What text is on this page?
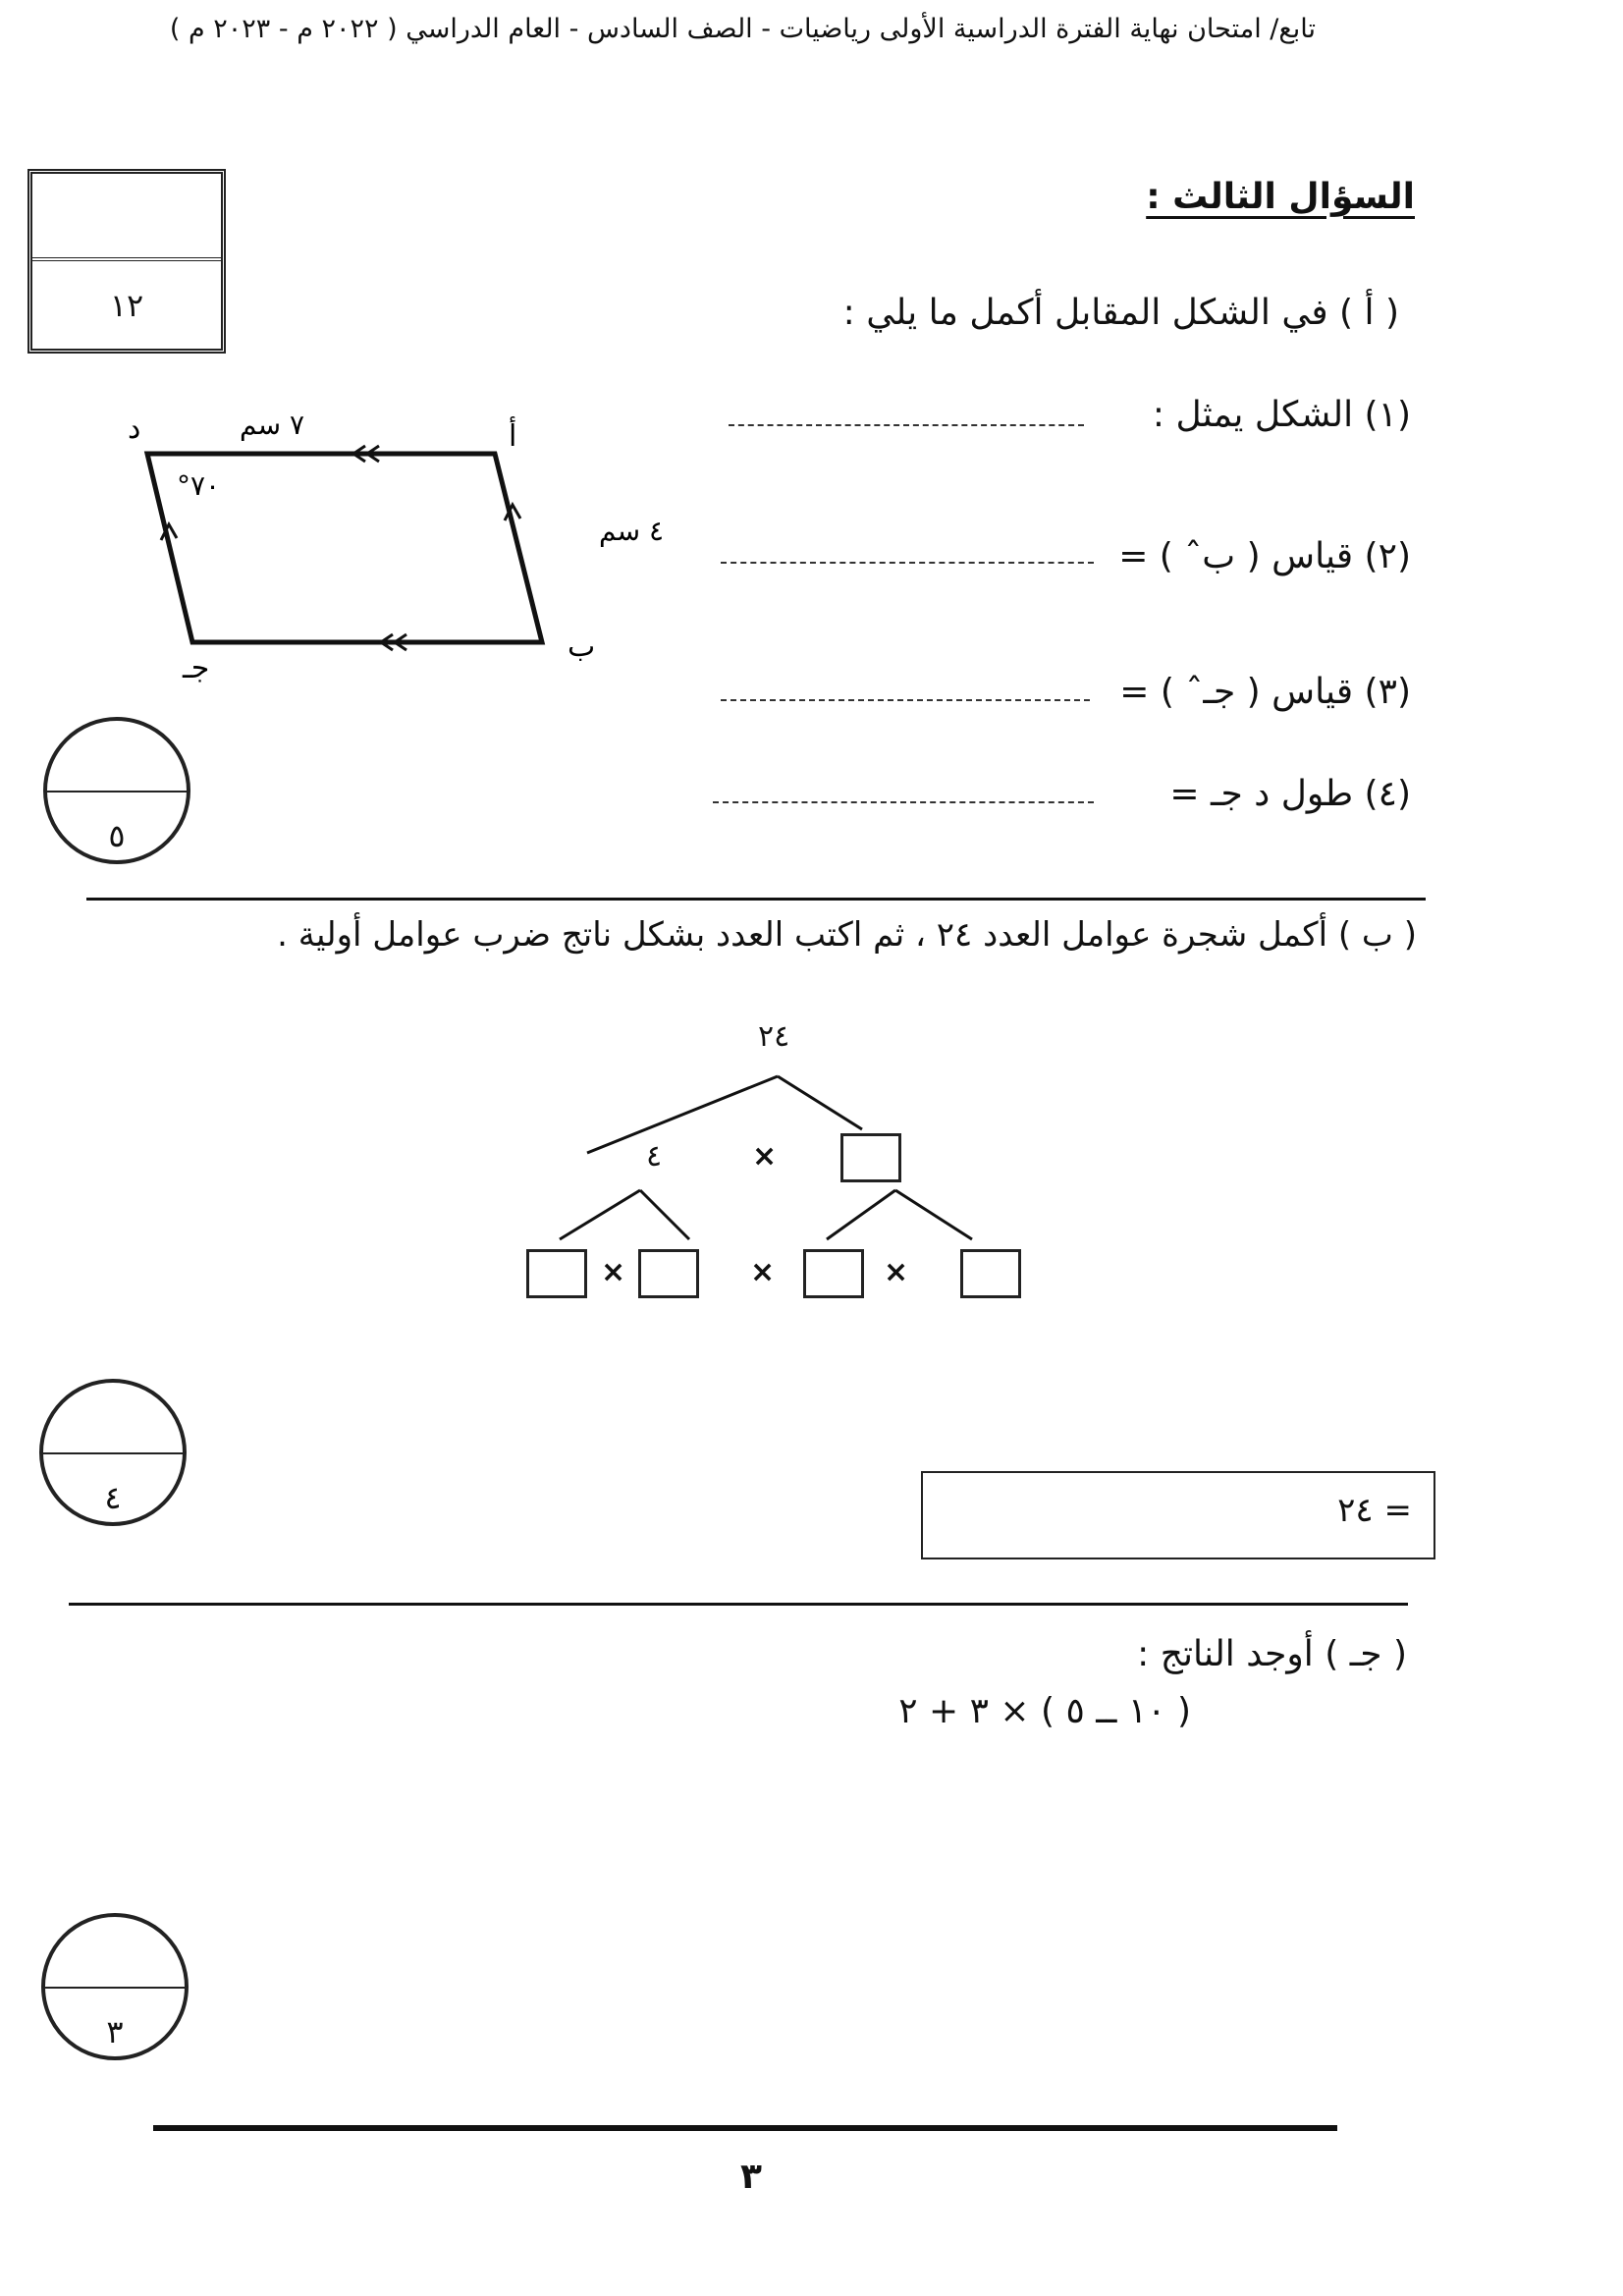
تابع/ امتحان نهاية الفترة الدراسية الأولى رياضيات - الصف السادس - العام الدراسي ( ٢٠٢٢ م - ٢٠٢٣ م )
السؤال الثالث :
١٢	( أ ) في الشكل المقابل أكمل ما يلي :
(١) الشكل يمثل :
(٢) قياس ( بˆ ) =
(٣) قياس ( جـˆ ) =
(٤) طول د جـ =
د	أ
ب
جـ
٧ سم
٤ سم
°٧٠
٥
( ب ) أكمل شجرة عوامل العدد ٢٤ ، ثم اكتب العدد بشكل ناتج ضرب عوامل أولية .
٢٤
٤	×
×	×	×
٤	= ٢٤
( جـ ) أوجد الناتج :
( ١٠ ــ ٥ ) × ٣ + ٢
٣
٣
